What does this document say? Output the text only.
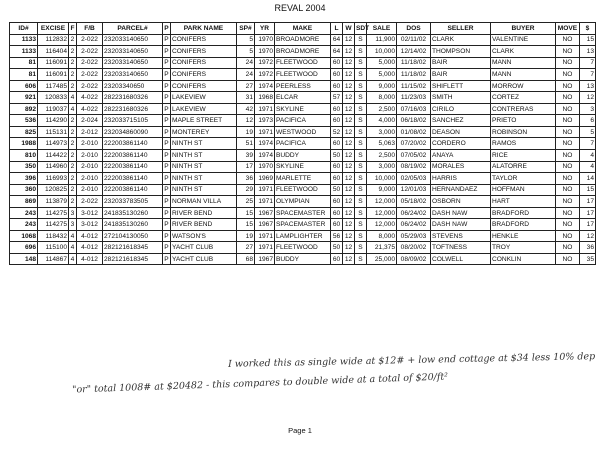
REVAL 2004
ID#	EXCISE	F	F/B	PARCEL#	P	PARK NAME	SP#	YR	MAKE	L	W	SDT	SALE	DOS	SELLER	BUYER	MOVE	$
1133	112832	2	2-022	232033140650	P	CONIFERS	5	1970	BROADMORE	64	12	S	11,900	02/11/02	CLARK	VALENTINE	NO	15
1133	116404	2	2-022	232033140650	P	CONIFERS	5	1970	BROADMORE	64	12	S	10,000	12/14/02	THOMPSON	CLARK	NO	13
81	116091	2	2-022	232033140650	P	CONIFERS	24	1972	FLEETWOOD	60	12	S	5,000	11/18/02	BAIR	MANN	NO	7
81	116091	2	2-022	232033140650	P	CONIFERS	24	1972	FLEETWOOD	60	12	S	5,000	11/18/02	BAIR	MANN	NO	7
606	117485	2	2-022	23203340650	P	CONIFERS	27	1974	PEERLESS	60	12	S	9,000	11/15/02	SHIFLETT	MORROW	NO	13
921	120833	4	4-022	282231680326	P	LAKEVIEW	31	1968	ELCAR	57	12	S	8,000	11/23/03	SMITH	CORTEZ	NO	12
892	119037	4	4-022	282231680326	P	LAKEVIEW	42	1971	SKYLINE	60	12	S	2,500	07/16/03	CIRILO	CONTRERAS	NO	3
536	114290	2	2-024	232033715105	P	MAPLE STREET	12	1973	PACIFICA	60	12	S	4,000	06/18/02	SANCHEZ	PRIETO	NO	6
825	115131	2	2-012	232034860090	P	MONTEREY	19	1971	WESTWOOD	52	12	S	3,000	01/08/02	DEASON	ROBINSON	NO	5
1988	114973	2	2-010	222003861140	P	NINTH ST	51	1974	PACIFICA	60	12	S	5,063	07/20/02	CORDERO	RAMOS	NO	7
810	114422	2	2-010	222003861140	P	NINTH ST	39	1974	BUDDY	50	12	S	2,500	07/05/02	ANAYA	RICE	NO	4
350	114960	2	2-010	222003861140	P	NINTH ST	17	1970	SKYLINE	60	12	S	3,000	08/19/02	MORALES	ALATORRE	NO	4
396	116993	2	2-010	222003861140	P	NINTH ST	36	1969	MARLETTE	60	12	S	10,000	02/05/03	HARRIS	TAYLOR	NO	14
360	120825	2	2-010	222003861140	P	NINTH ST	29	1971	FLEETWOOD	50	12	S	9,000	12/01/03	HERNANDAEZ	HOFFMAN	NO	15
869	113879	2	2-022	232033783505	P	NORMAN VILLA	25	1971	OLYMPIAN	60	12	S	12,000	05/18/02	OSBORN	HART	NO	17
243	114275	3	3-012	241835130260	P	RIVER BEND	15	1967	SPACEMASTER	60	12	S	12,000	06/24/02	DASH NAW	BRADFORD	NO	17
243	114275	3	3-012	241835130260	P	RIVER BEND	15	1967	SPACEMASTER	60	12	S	12,000	06/24/02	DASH NAW	BRADFORD	NO	17
1068	118432	4	4-012	272104130050	P	WATSON'S	19	1971	LAMPLIGHTER	56	12	S	8,000	05/29/03	STEVENS	HENKLE	NO	12
696	115100	4	4-012	282121618345	P	YACHT CLUB	27	1971	FLEETWOOD	50	12	S	21,375	08/20/02	TOFTNESS	TROY	NO	36
148	114867	4	4-012	282121618345	P	YACHT CLUB	68	1967	BUDDY	60	12	S	25,000	08/09/02	COLWELL	CONKLIN	NO	35
I worked this as single wide at $12# + low end cottage at $34 less 10% dep
"or" total 1008# at $20482 - this compares to double wide at a total of $20/ft²
Page 1
